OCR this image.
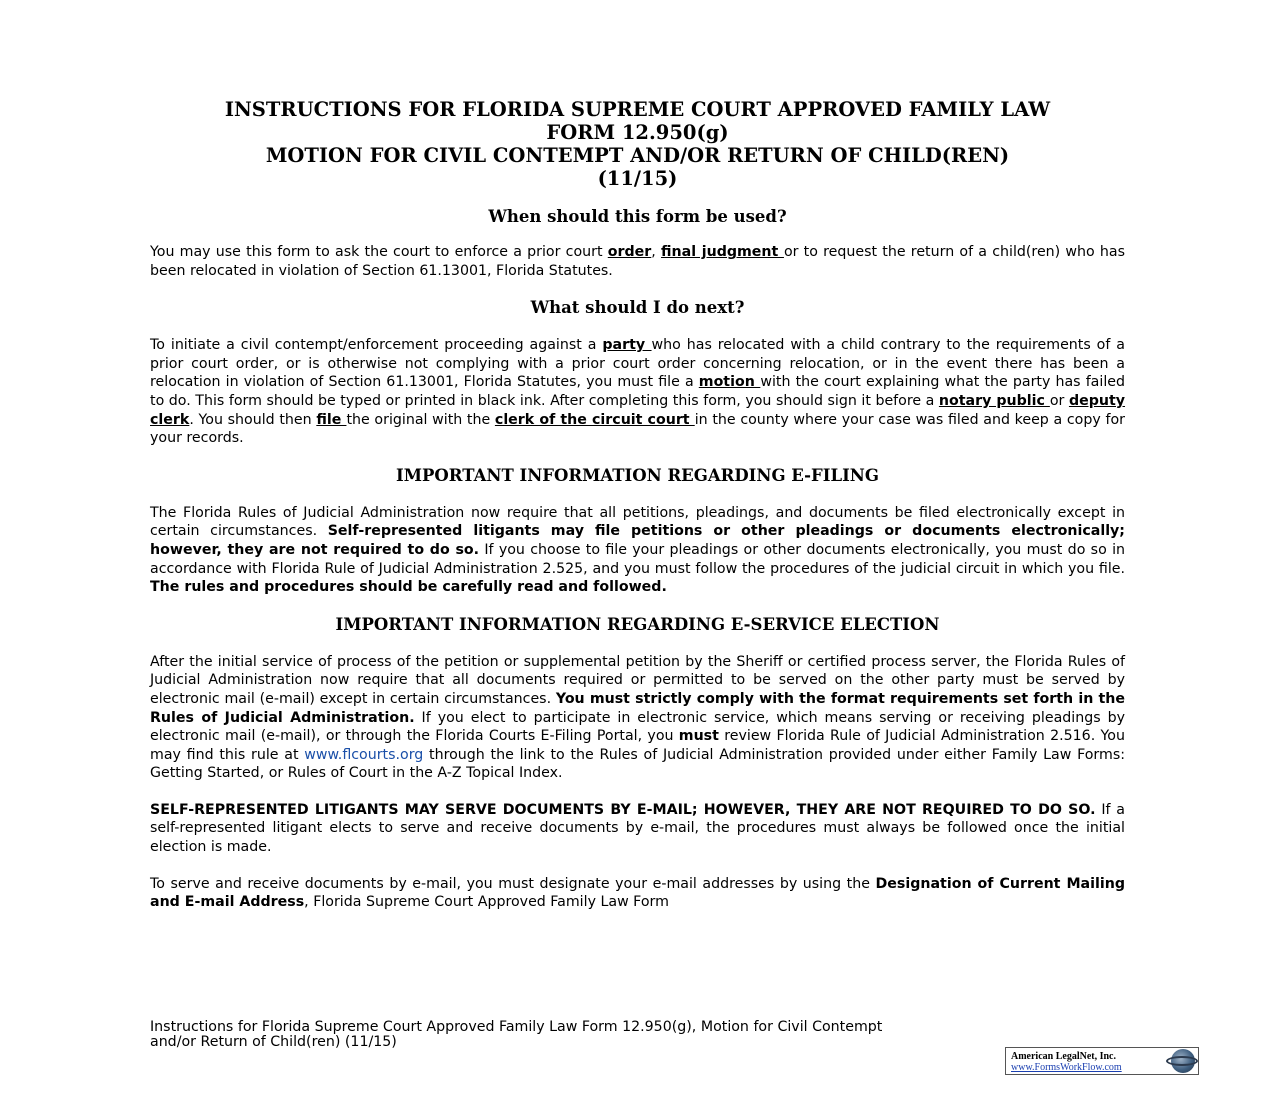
INSTRUCTIONS FOR FLORIDA SUPREME COURT APPROVED FAMILY LAW
FORM 12.950(g)
MOTION FOR CIVIL CONTEMPT AND/OR RETURN OF CHILD(REN)
(11/15)
When should this form be used?

You may use this form to ask the court to enforce a prior court order, final judgment or to request the return of a child(ren) who has been relocated in violation of Section 61.13001, Florida Statutes.

What should I do next?

To initiate a civil contempt/enforcement proceeding against a party who has relocated with a child contrary to the requirements of a prior court order, or is otherwise not complying with a prior court order concerning relocation, or in the event there has been a relocation in violation of Section 61.13001, Florida Statutes, you must file a motion with the court explaining what the party has failed to do. This form should be typed or printed in black ink. After completing this form, you should sign it before a notary public or deputy clerk. You should then file the original with the clerk of the circuit court in the county where your case was filed and keep a copy for your records.

IMPORTANT INFORMATION REGARDING E-FILING

The Florida Rules of Judicial Administration now require that all petitions, pleadings, and documents be filed electronically except in certain circumstances. Self-represented litigants may file petitions or other pleadings or documents electronically; however, they are not required to do so. If you choose to file your pleadings or other documents electronically, you must do so in accordance with Florida Rule of Judicial Administration 2.525, and you must follow the procedures of the judicial circuit in which you file. The rules and procedures should be carefully read and followed.

IMPORTANT INFORMATION REGARDING E-SERVICE ELECTION

After the initial service of process of the petition or supplemental petition by the Sheriff or certified process server, the Florida Rules of Judicial Administration now require that all documents required or permitted to be served on the other party must be served by electronic mail (e-mail) except in certain circumstances. You must strictly comply with the format requirements set forth in the Rules of Judicial Administration. If you elect to participate in electronic service, which means serving or receiving pleadings by electronic mail (e-mail), or through the Florida Courts E-Filing Portal, you must review Florida Rule of Judicial Administration 2.516. You may find this rule at www.flcourts.org through the link to the Rules of Judicial Administration provided under either Family Law Forms: Getting Started, or Rules of Court in the A-Z Topical Index.

SELF-REPRESENTED LITIGANTS MAY SERVE DOCUMENTS BY E-MAIL; HOWEVER, THEY ARE NOT REQUIRED TO DO SO. If a self-represented litigant elects to serve and receive documents by e-mail, the procedures must always be followed once the initial election is made.

To serve and receive documents by e-mail, you must designate your e-mail addresses by using the Designation of Current Mailing and E-mail Address, Florida Supreme Court Approved Family Law Form

Instructions for Florida Supreme Court Approved Family Law Form 12.950(g), Motion for Civil Contempt
and/or Return of Child(ren) (11/15)
American LegalNet, Inc.
www.FormsWorkFlow.com
